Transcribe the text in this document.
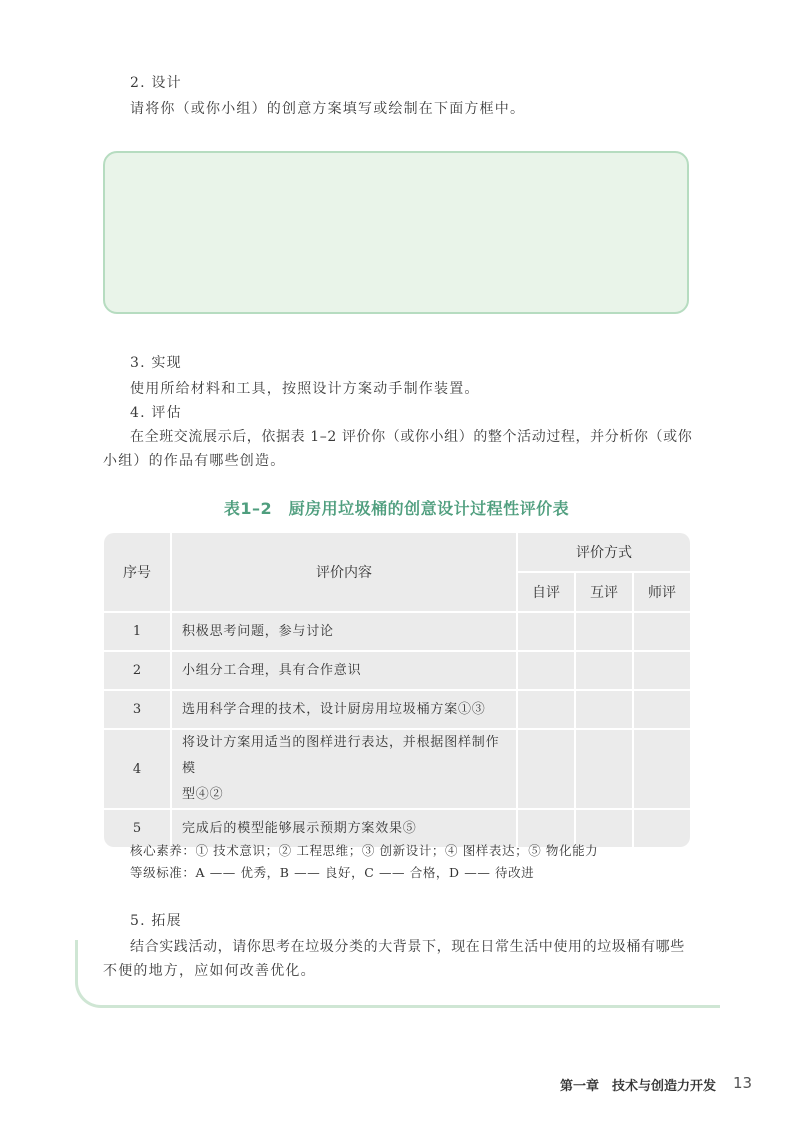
2. 设计
请将你（或你小组）的创意方案填写或绘制在下面方框中。
3. 实现
使用所给材料和工具，按照设计方案动手制作装置。
4. 评估
在全班交流展示后，依据表 1–2 评价你（或你小组）的整个活动过程，并分析你（或你
小组）的作品有哪些创造。
表1–2　厨房用垃圾桶的创意设计过程性评价表
序号	评价内容	评价方式		
		自评	互评	师评
1	积极思考问题，参与讨论			
2	小组分工合理，具有合作意识			
3	选用科学合理的技术，设计厨房用垃圾桶方案①③			
4	将设计方案用适当的图样进行表达，并根据图样制作模
型④②			

5	完成后的模型能够展示预期方案效果⑤			
核心素养：① 技术意识；② 工程思维；③ 创新设计；④ 图样表达；⑤ 物化能力
等级标准：A —— 优秀，B —— 良好，C —— 合格，D —— 待改进
5. 拓展
结合实践活动，请你思考在垃圾分类的大背景下，现在日常生活中使用的垃圾桶有哪些
不便的地方，应如何改善优化。
第一章　技术与创造力开发 13
